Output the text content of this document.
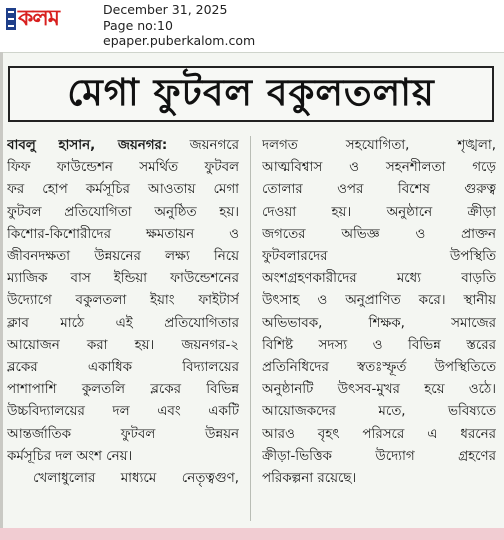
কলম	December 31, 2025
Page no:10
epaper.puberkalom.com
মেগা ফুটবল বকুলতলায়
বাবলু হাসান, জয়নগর: জয়নগরে
ফিফ ফাউন্ডেশন সমর্থিত ফুটবল
ফর হোপ কর্মসূচির আওতায় মেগা
ফুটবল প্রতিযোগিতা অনুষ্ঠিত হয়।
কিশোর-কিশোরীদের ক্ষমতায়ন ও
জীবনদক্ষতা উন্নয়নের লক্ষ্য নিয়ে
ম্যাজিক বাস ইন্ডিয়া ফাউন্ডেশনের
উদ্যোগে বকুলতলা ইয়াং ফাইটার্স
ক্লাব মাঠে এই প্রতিযোগিতার
আয়োজন করা হয়। জয়নগর-২
ব্লকের একাধিক বিদ্যালয়ের
পাশাপাশি কুলতলি ব্লকের বিভিন্ন
উচ্চবিদ্যালয়ের দল এবং একটি
আন্তর্জাতিক ফুটবল উন্নয়ন
কর্মসূচির দল অংশ নেয়।
খেলাধুলোর মাধ্যমে নেতৃত্বগুণ,
দলগত সহযোগিতা, শৃঙ্খলা,
আত্মবিশ্বাস ও সহনশীলতা গড়ে
তোলার ওপর বিশেষ গুরুত্ব
দেওয়া হয়। অনুষ্ঠানে ক্রীড়া
জগতের অভিজ্ঞ ও প্রাক্তন
ফুটবলারদের উপস্থিতি
অংশগ্রহণকারীদের মধ্যে বাড়তি
উৎসাহ ও অনুপ্রাণিত করে। স্থানীয়
অভিভাবক, শিক্ষক, সমাজের
বিশিষ্ট সদস্য ও বিভিন্ন স্তরের
প্রতিনিধিদের স্বতঃস্ফূর্ত উপস্থিতিতে
অনুষ্ঠানটি উৎসব-মুখর হয়ে ওঠে।
আয়োজকদের মতে, ভবিষ্যতে
আরও বৃহৎ পরিসরে এ ধরনের
ক্রীড়া-ভিত্তিক উদ্যোগ গ্রহণের
পরিকল্পনা রয়েছে।
